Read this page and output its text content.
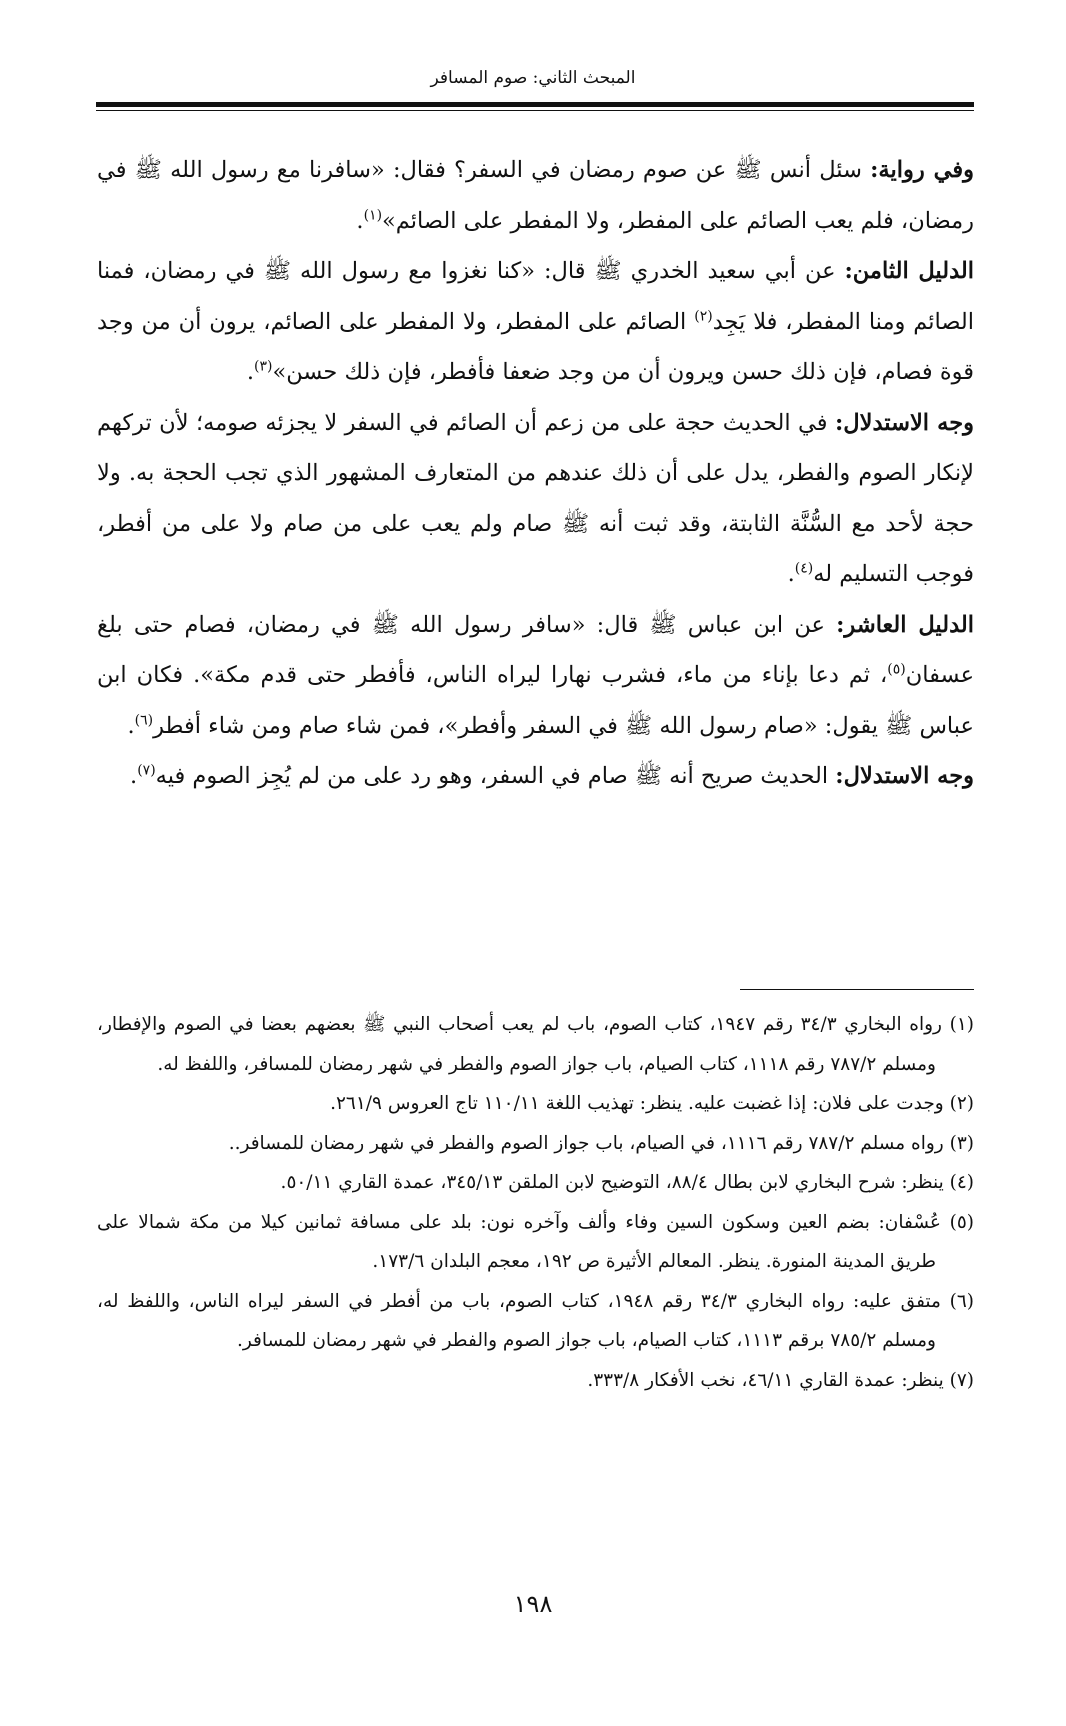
المبحث الثاني: صوم المسافر

وفي رواية: سئل أنس ﷺ عن صوم رمضان في السفر؟ فقال: «سافرنا مع رسول الله ﷺ في رمضان، فلم يعب الصائم على المفطر، ولا المفطر على الصائم»$^{(١)}$.

الدليل الثامن: عن أبي سعيد الخدري ﷺ قال: «كنا نغزوا مع رسول الله ﷺ في رمضان، فمنا الصائم ومنا المفطر، فلا يَجِد$^{(٢)}$ الصائم على المفطر، ولا المفطر على الصائم، يرون أن من وجد قوة فصام، فإن ذلك حسن ويرون أن من وجد ضعفا فأفطر، فإن ذلك حسن»$^{(٣)}$.

وجه الاستدلال: في الحديث حجة على من زعم أن الصائم في السفر لا يجزئه صومه؛ لأن تركهم لإنكار الصوم والفطر، يدل على أن ذلك عندهم من المتعارف المشهور الذي تجب الحجة به. ولا حجة لأحد مع السُّنَّة الثابتة، وقد ثبت أنه ﷺ صام ولم يعب على من صام ولا على من أفطر، فوجب التسليم له$^{(٤)}$.

الدليل العاشر: عن ابن عباس ﷺ قال: «سافر رسول الله ﷺ في رمضان، فصام حتى بلغ عسفان$^{(٥)}$، ثم دعا بإناء من ماء، فشرب نهارا ليراه الناس، فأفطر حتى قدم مكة». فكان ابن عباس ﷺ يقول: «صام رسول الله ﷺ في السفر وأفطر»، فمن شاء صام ومن شاء أفطر$^{(٦)}$.

وجه الاستدلال: الحديث صريح أنه ﷺ صام في السفر، وهو رد على من لم يُجِز الصوم فيه$^{(٧)}$.

(١) رواه البخاري ٣٤/٣ رقم ١٩٤٧، كتاب الصوم، باب لم يعب أصحاب النبي ﷺ بعضهم بعضا في الصوم والإفطار، ومسلم ٧٨٧/٢ رقم ١١١٨، كتاب الصيام، باب جواز الصوم والفطر في شهر رمضان للمسافر، واللفظ له.

(٢) وجدت على فلان: إذا غضبت عليه. ينظر: تهذيب اللغة ١١٠/١١ تاج العروس ٢٦١/٩.

(٣) رواه مسلم ٧٨٧/٢ رقم ١١١٦، في الصيام، باب جواز الصوم والفطر في شهر رمضان للمسافر..

(٤) ينظر: شرح البخاري لابن بطال ٨٨/٤، التوضيح لابن الملقن ٣٤٥/١٣، عمدة القاري ٥٠/١١.

(٥) عُسْفان: بضم العين وسكون السين وفاء وألف وآخره نون: بلد على مسافة ثمانين كيلا من مكة شمالا على طريق المدينة المنورة. ينظر. المعالم الأثيرة ص ١٩٢، معجم البلدان ١٧٣/٦.

(٦) متفق عليه: رواه البخاري ٣٤/٣ رقم ١٩٤٨، كتاب الصوم، باب من أفطر في السفر ليراه الناس، واللفظ له، ومسلم ٧٨٥/٢ برقم ١١١٣، كتاب الصيام، باب جواز الصوم والفطر في شهر رمضان للمسافر.

(٧) ينظر: عمدة القاري ٤٦/١١، نخب الأفكار ٣٣٣/٨.

١٩٨
